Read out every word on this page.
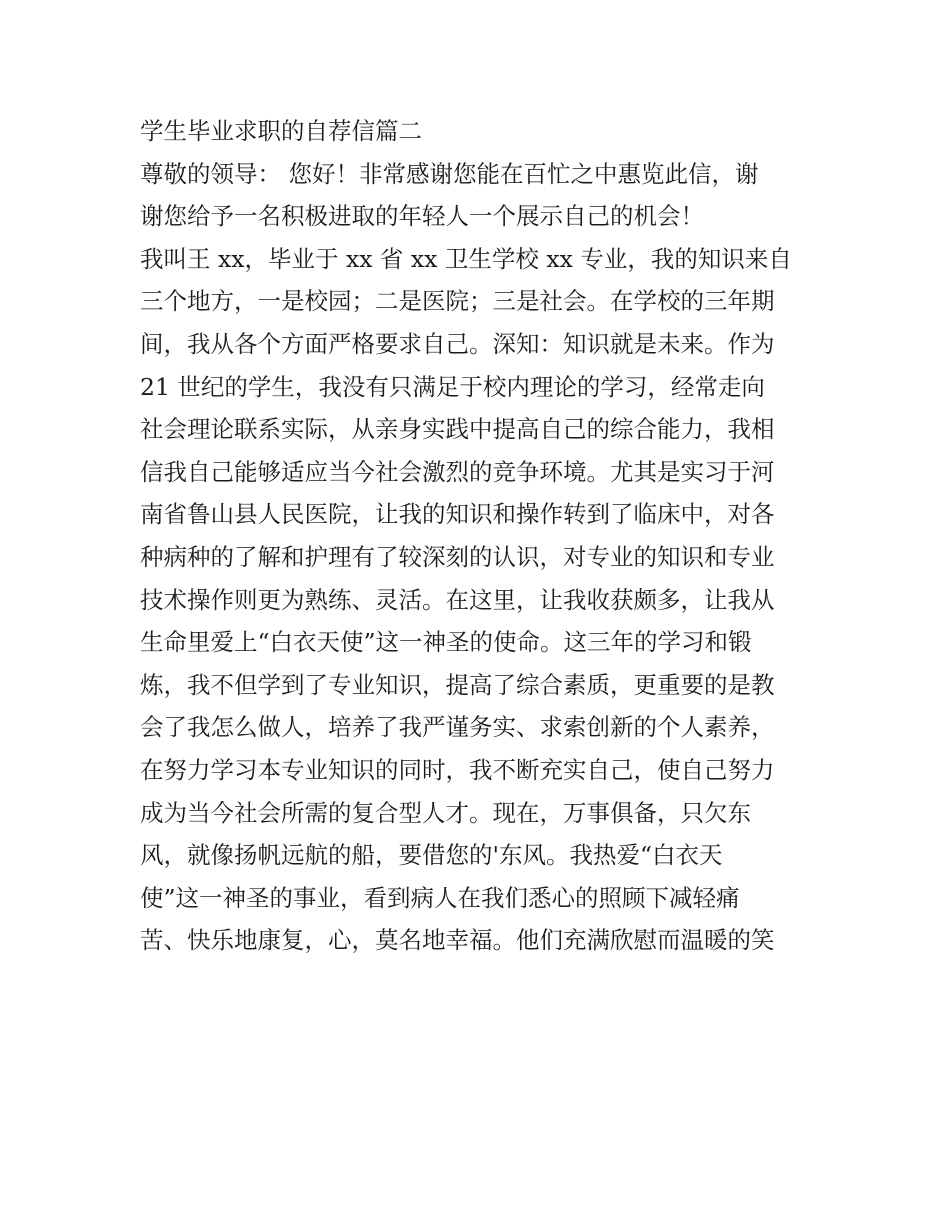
学生毕业求职的自荐信篇二
尊敬的领导： 您好！非常感谢您能在百忙之中惠览此信，谢
谢您给予一名积极进取的年轻人一个展示自己的机会！
我叫王 xx，毕业于 xx 省 xx 卫生学校 xx 专业，我的知识来自
三个地方，一是校园；二是医院；三是社会。在学校的三年期
间，我从各个方面严格要求自己。深知：知识就是未来。作为
21 世纪的学生，我没有只满足于校内理论的学习，经常走向
社会理论联系实际，从亲身实践中提高自己的综合能力，我相
信我自己能够适应当今社会激烈的竞争环境。尤其是实习于河
南省鲁山县人民医院，让我的知识和操作转到了临床中，对各
种病种的了解和护理有了较深刻的认识，对专业的知识和专业
技术操作则更为熟练、灵活。在这里，让我收获颇多，让我从
生命里爱上“白衣天使”这一神圣的使命。这三年的学习和锻
炼，我不但学到了专业知识，提高了综合素质，更重要的是教
会了我怎么做人，培养了我严谨务实、求索创新的个人素养，
在努力学习本专业知识的同时，我不断充实自己，使自己努力
成为当今社会所需的复合型人才。现在，万事俱备，只欠东
风，就像扬帆远航的船，要借您的'东风。我热爱“白衣天
使”这一神圣的事业，看到病人在我们悉心的照顾下减轻痛
苦、快乐地康复，心，莫名地幸福。他们充满欣慰而温暖的笑
